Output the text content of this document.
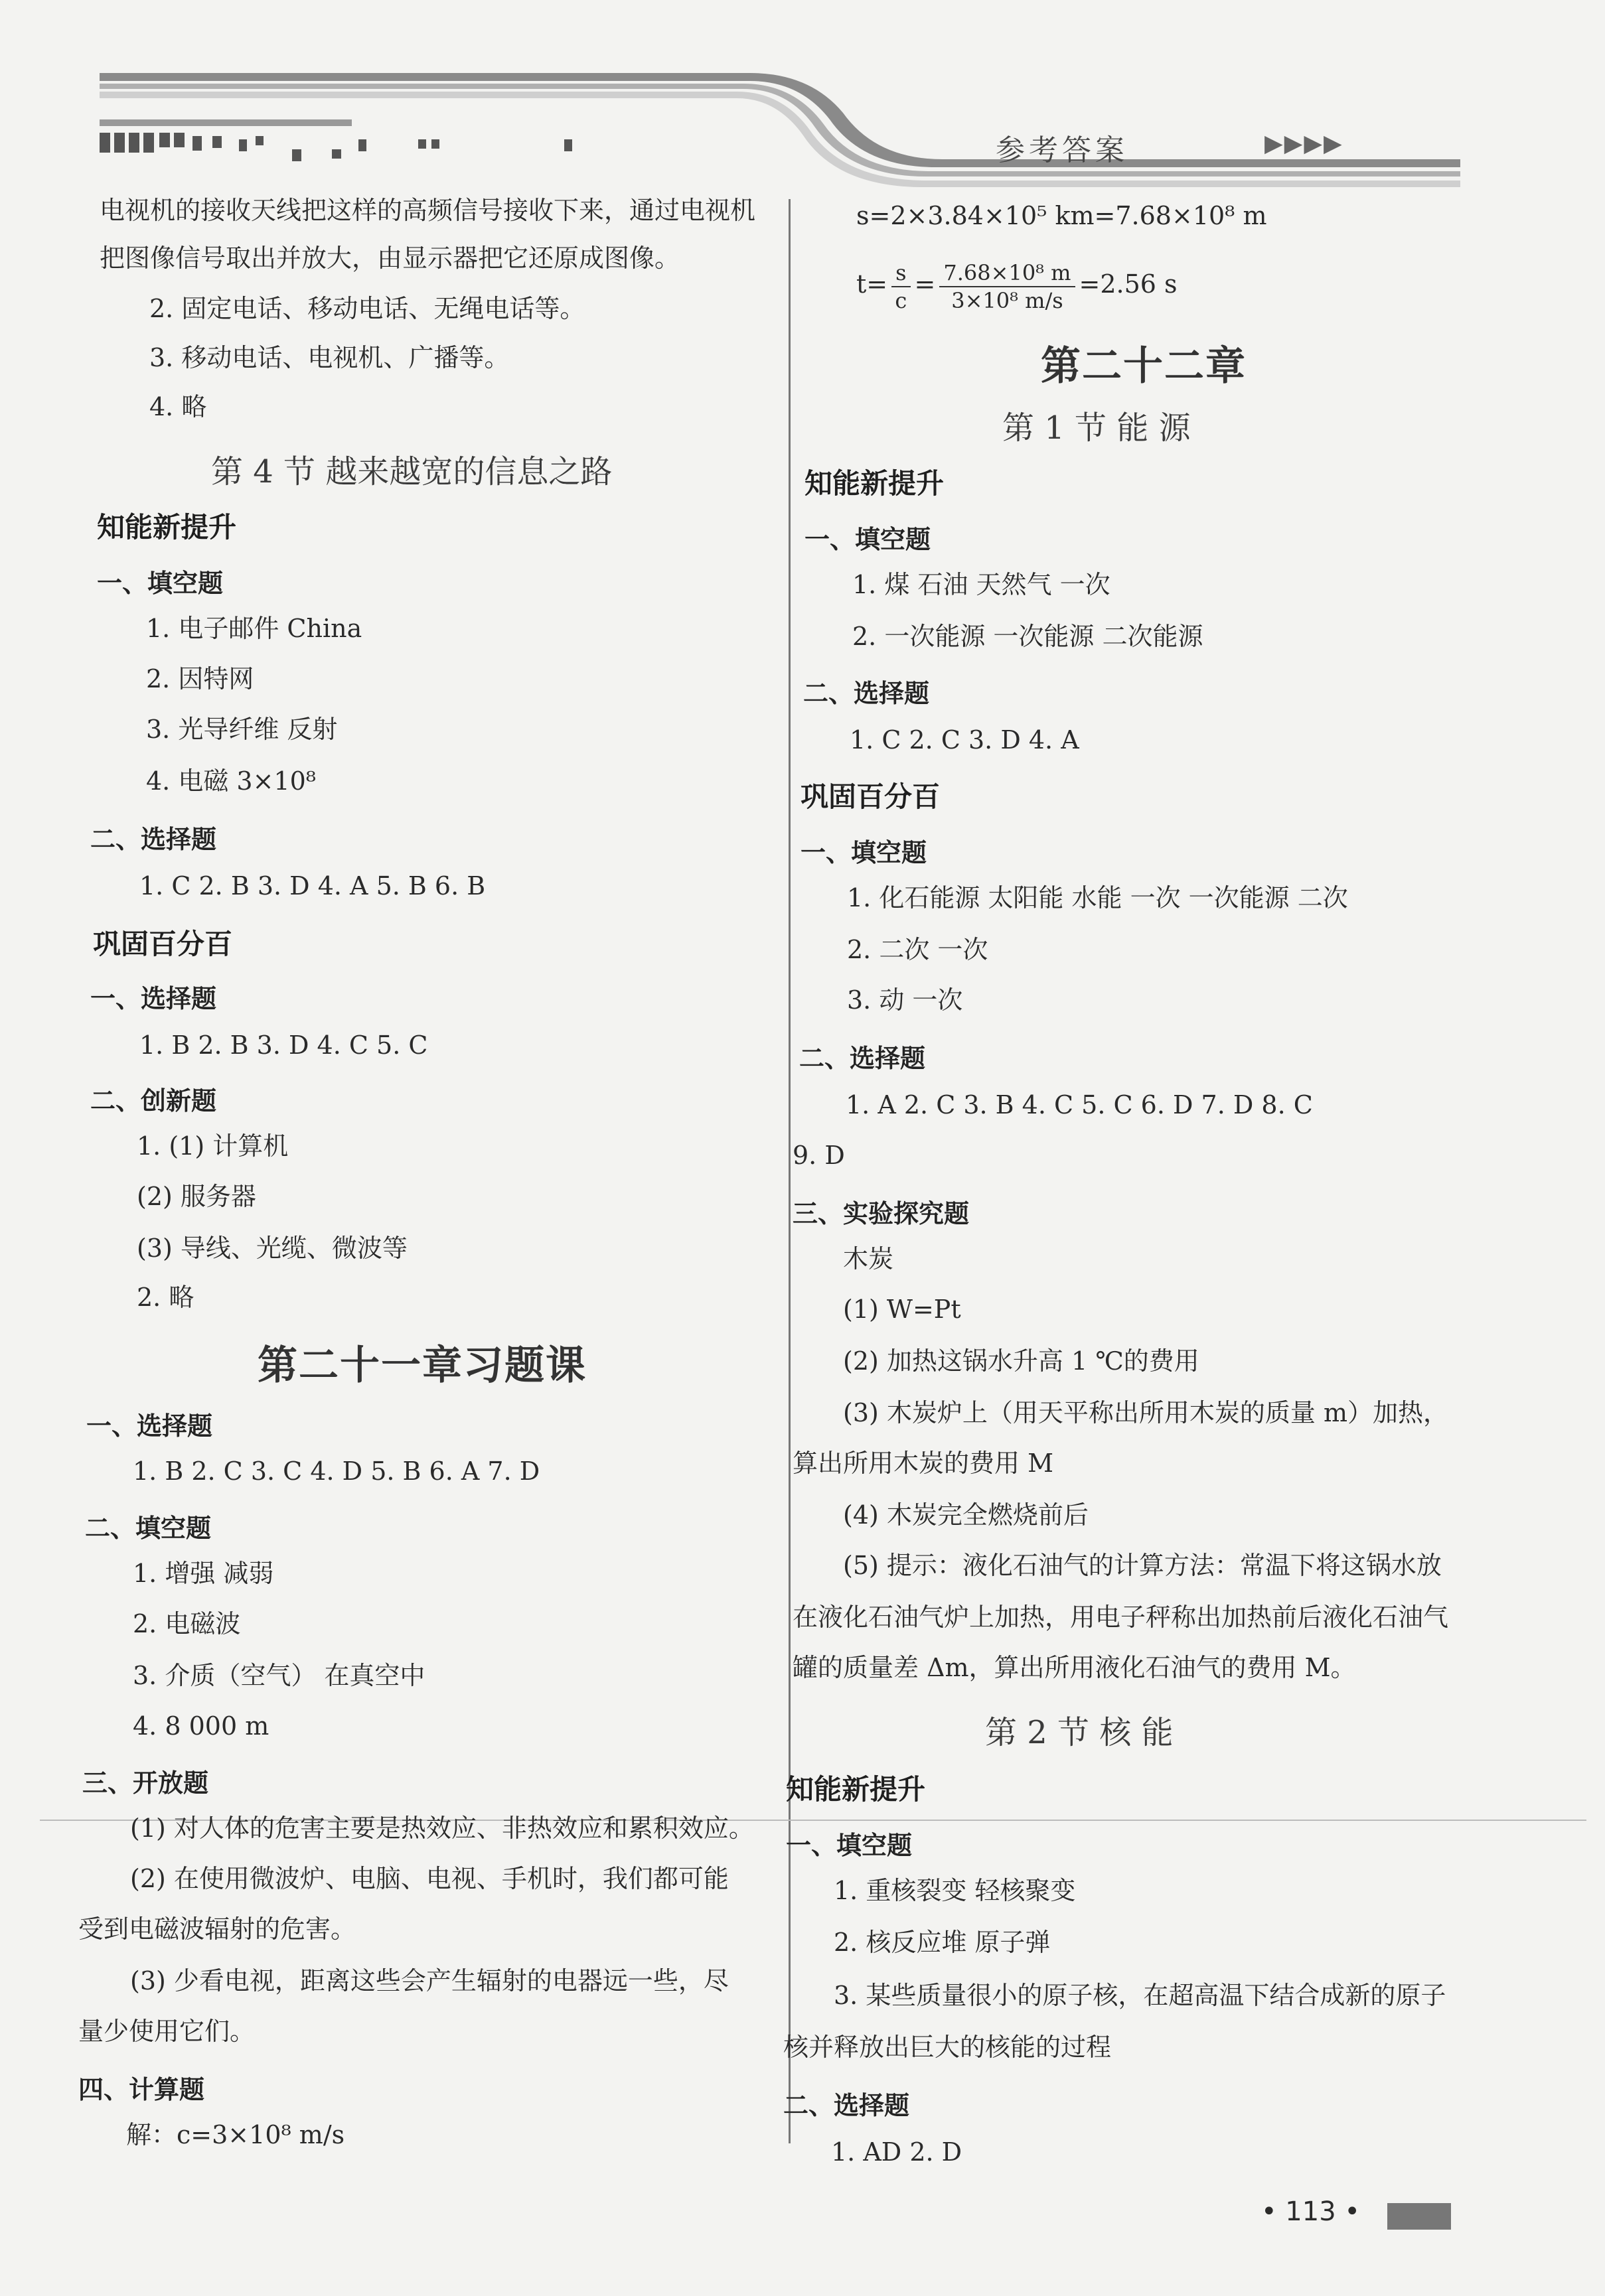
参考答案	▶▶▶▶
电视机的接收天线把这样的高频信号接收下来，通过电视机
把图像信号取出并放大，由显示器把它还原成图像。
2. 固定电话、移动电话、无绳电话等。
3. 移动电话、电视机、广播等。
4. 略
第 4 节 越来越宽的信息之路
知能新提升
一、填空题
1. 电子邮件 China
2. 因特网
3. 光导纤维 反射
4. 电磁 3×10⁸
二、选择题
1. C 2. B 3. D 4. A 5. B 6. B
巩固百分百
一、选择题
1. B 2. B 3. D 4. C 5. C
二、创新题
1. (1) 计算机
(2) 服务器
(3) 导线、光缆、微波等
2. 略
第二十一章习题课
一、选择题
1. B 2. C 3. C 4. D 5. B 6. A 7. D
二、填空题
1. 增强 减弱
2. 电磁波
3. 介质（空气） 在真空中
4. 8 000 m
三、开放题
(1) 对人体的危害主要是热效应、非热效应和累积效应。
(2) 在使用微波炉、电脑、电视、手机时，我们都可能
受到电磁波辐射的危害。
(3) 少看电视，距离这些会产生辐射的电器远一些，尽
量少使用它们。
四、计算题
解：c=3×10⁸ m/s
s=2×3.84×10⁵ km=7.68×10⁸ m
$t= \frac{s}{c} = \frac{\text{7.68×10⁸ m}}{\text{3×10⁸ m/s}} =2.56$ s
第二十二章
第 1 节 能 源
知能新提升
一、填空题
1. 煤 石油 天然气 一次
2. 一次能源 一次能源 二次能源
二、选择题
1. C 2. C 3. D 4. A
巩固百分百
一、填空题
1. 化石能源 太阳能 水能 一次 一次能源 二次
2. 二次 一次
3. 动 一次
二、选择题
1. A 2. C 3. B 4. C 5. C 6. D 7. D 8. C
9. D
三、实验探究题
木炭
(1) W=Pt
(2) 加热这锅水升高 1 ℃的费用
(3) 木炭炉上（用天平称出所用木炭的质量 m）加热，
算出所用木炭的费用 M
(4) 木炭完全燃烧前后
(5) 提示：液化石油气的计算方法：常温下将这锅水放
在液化石油气炉上加热，用电子秤称出加热前后液化石油气
罐的质量差 Δm，算出所用液化石油气的费用 M。
第 2 节 核 能
知能新提升
一、填空题
1. 重核裂变 轻核聚变
2. 核反应堆 原子弹
3. 某些质量很小的原子核，在超高温下结合成新的原子
核并释放出巨大的核能的过程
二、选择题
1. AD 2. D
• 113 •
